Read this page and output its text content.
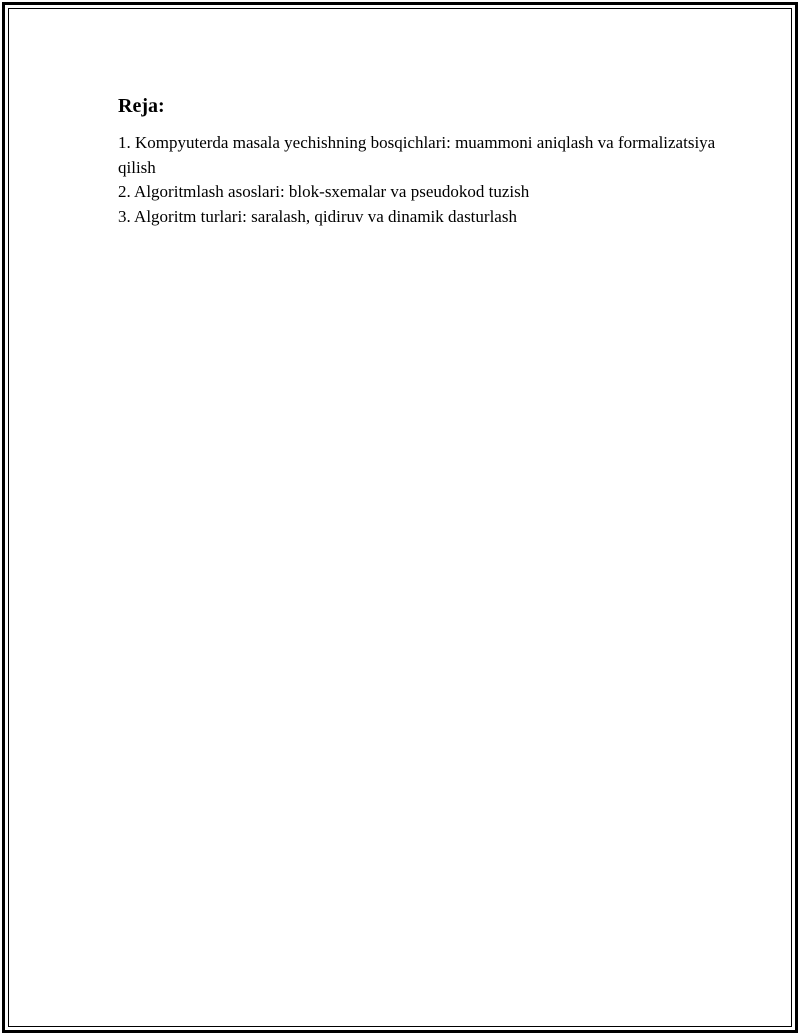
Reja:
1. Kompyuterda masala yechishning bosqichlari: muammoni aniqlash va formalizatsiya qilish
2. Algoritmlash asoslari: blok-sxemalar va pseudokod tuzish
3. Algoritm turlari: saralash, qidiruv va dinamik dasturlash
